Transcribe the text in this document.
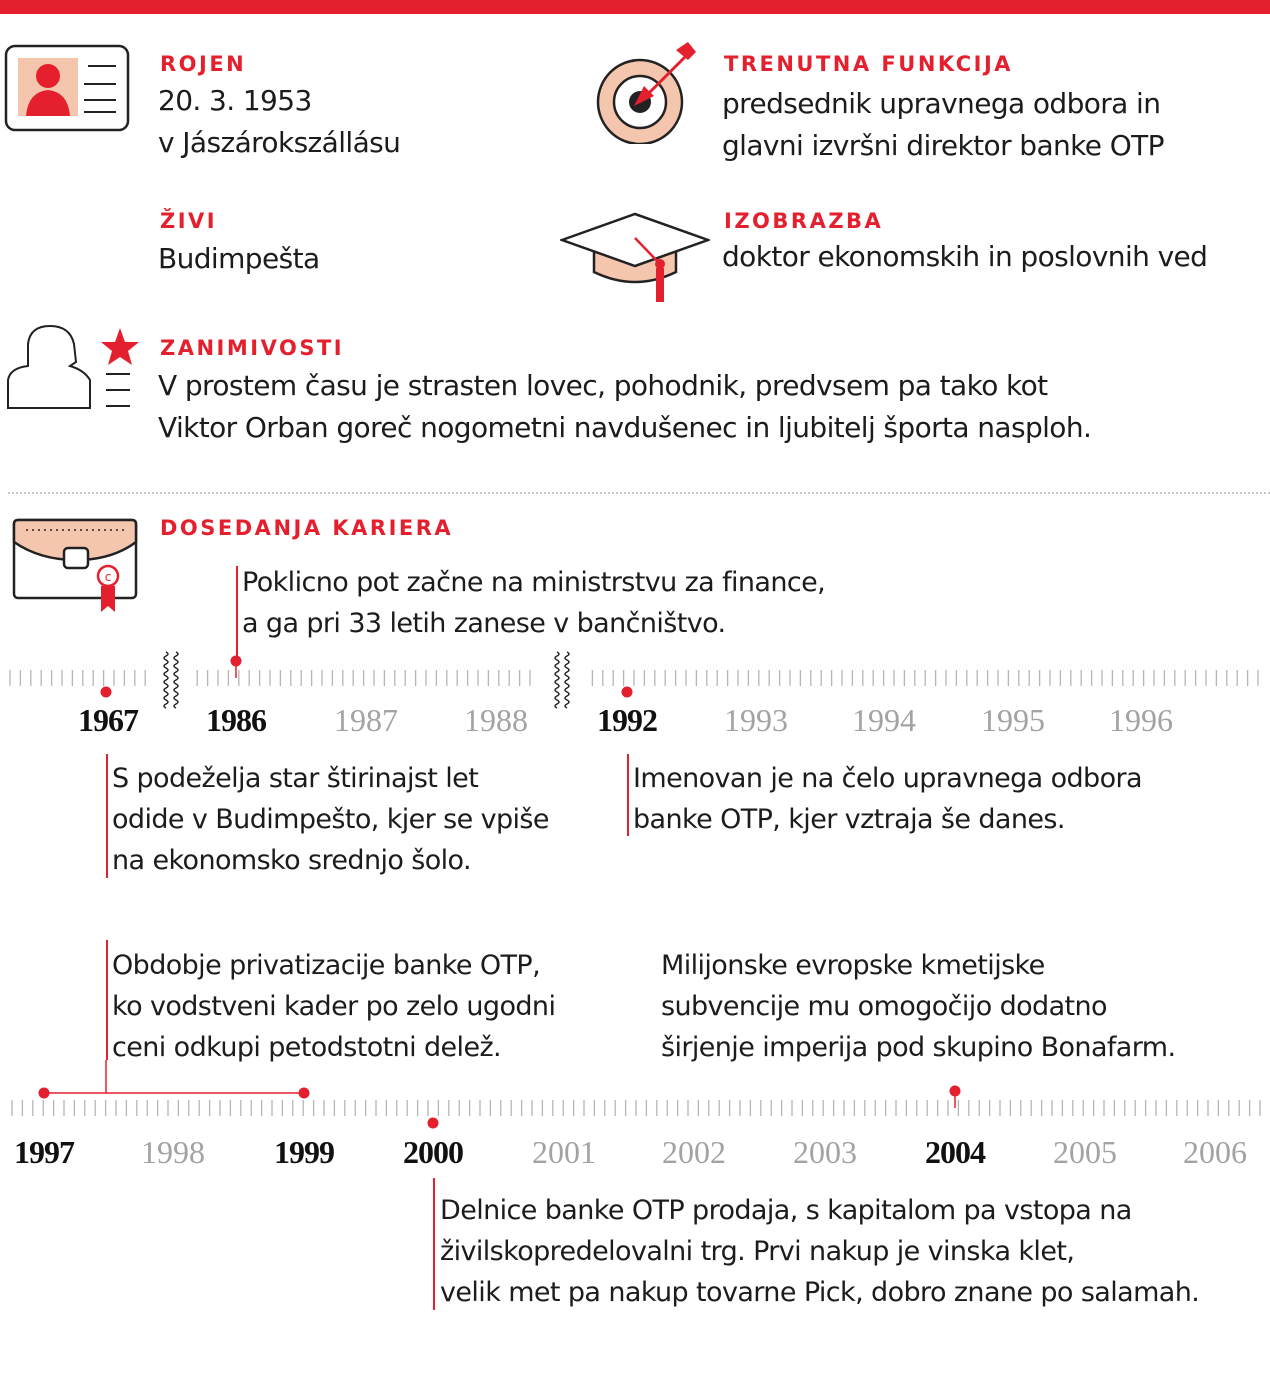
ROJEN
20. 3. 1953
v Jászárokszállásu
ŽIVI
Budimpešta
TRENUTNA FUNKCIJA
predsednik upravnega odbora in
glavni izvršni direktor banke OTP
IZOBRAZBA
doktor ekonomskih in poslovnih ved
ZANIMIVOSTI
V prostem času je strasten lovec, pohodnik, predvsem pa tako kot
Viktor Orban goreč nogometni navdušenec in ljubitelj športa nasploh.
c
DOSEDANJA KARIERA
1967	1986	1987	1988	1992	1993	1994	1995	1996
Poklicno pot začne na ministrstvu za finance,
a ga pri 33 letih zanese v bančništvo.
S podeželja star štirinajst let
odide v Budimpešto, kjer se vpiše
na ekonomsko srednjo šolo.
Imenovan je na čelo upravnega odbora
banke OTP, kjer vztraja še danes.
1997	1998	1999	2000	2001	2002	2003	2004	2005	2006
Obdobje privatizacije banke OTP,
ko vodstveni kader po zelo ugodni
ceni odkupi petodstotni delež.
Milijonske evropske kmetijske
subvencije mu omogočijo dodatno
širjenje imperija pod skupino Bonafarm.
Delnice banke OTP prodaja, s kapitalom pa vstopa na
živilskopredelovalni trg. Prvi nakup je vinska klet,
velik met pa nakup tovarne Pick, dobro znane po salamah.
